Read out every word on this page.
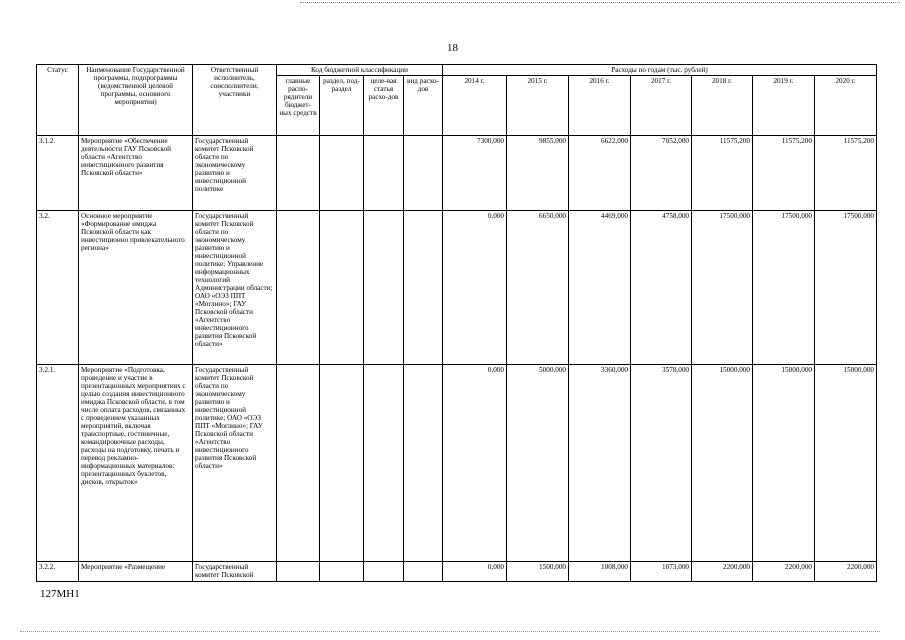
18
Статус	Наименование Государственной программы, подпрограммы (ведомственной целевой программы, основного мероприятия)	Ответственный исполнитель, соисполнители, участники	Код бюджетной классификации				Расходы по годам (тыс. рублей)						
			главные распо-рядители бюджет-ных средств	раздел, под-раздел	целе-вая статья расхо-дов	вид расхо-дов	2014 г.	2015 г.	2016 г.	2017 г.	2018 г.	2019 г.	2020 г.
3.1.2.	Мероприятие «Обеспечение деятельности ГАУ Псковской области «Агентство инвестиционного развития Псковской области»	Государственный комитет Псковской области по экономическому развитию и инвестиционной политике					7300,000	9855,000	6622,000	7052,000	11575,200	11575,200	11575,200
3.2.	Основное мероприятие «Формирование имиджа Псковской области как инвестиционно привлекательного региона»	Государственный комитет Псковской области по экономическому развитию и инвестиционной политике; Управление информационных технологий Администрации области; ОАО «ОЭЗ ППТ «Моглино»; ГАУ Псковской области «Агентство инвестиционного развития Псковской области»					0,000	6650,000	4469,000	4758,000	17500,000	17500,000	17500,000
3.2.1.	Мероприятие «Подготовка, проведение и участие в презентационных мероприятиях с целью создания инвестиционного имиджа Псковской области, в том числе оплата расходов, связанных с проведением указанных мероприятий, включая транспортные, гостиничные, командировочные расходы, расходы на подготовку, печать и перевод рекламно-информационных материалов: презентационных буклетов, дисков, открыток»	Государственный комитет Псковской области по экономическому развитию и инвестиционной политике; ОАО «ОЭЗ ППТ «Моглино»; ГАУ Псковской области «Агентство инвестиционного развития Псковской области»					0,000	5000,000	3360,000	3578,000	15000,000	15000,000	15000,000
3.2.2.	Мероприятие «Размещение	Государственный комитет Псковской					0,000	1500,000	1008,000	1073,000	2200,000	2200,000	2200,000
127МН1
